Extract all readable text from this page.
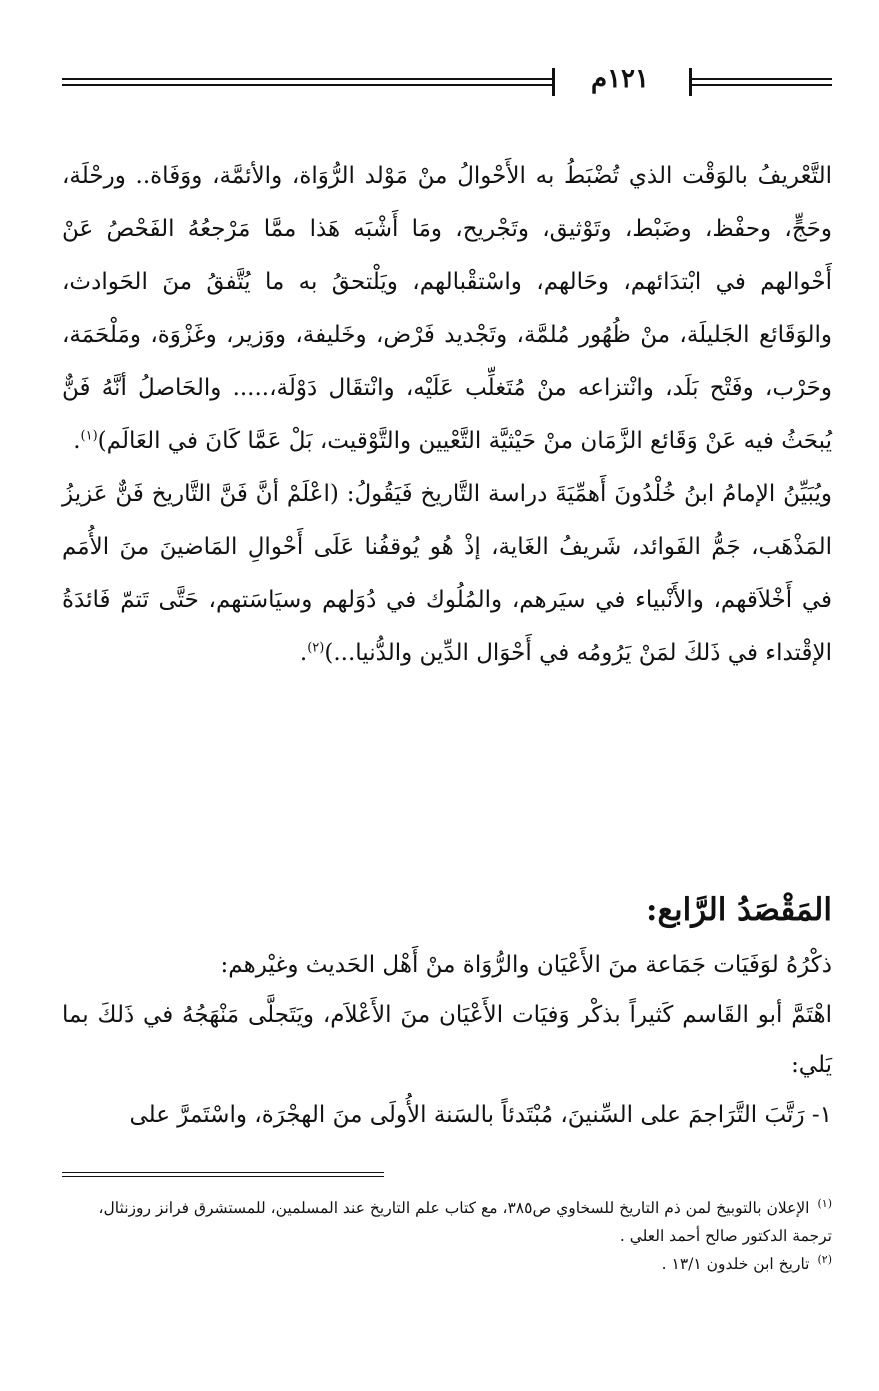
١٢١م

التَّعْريفُ بالوَقْت الذي تُضْبَطُ به الأَحْوالُ منْ مَوْلد الرُّوَاة، والأئمَّة، ووَفَاة.. ورحْلَة، وحَجٍّ، وحفْظ، وضَبْط، وتَوْثيق، وتَجْريح، ومَا أَشْبَه هَذا ممَّا مَرْجعُهُ الفَحْصُ عَنْ أَحْوالهم في ابْتدَائهم، وحَالهم، واسْتقْبالهم، ويَلْتحقُ به ما يُتَّفقُ منَ الحَوادث، والوَقَائع الجَليلَة، منْ ظُهُور مُلمَّة، وتَجْديد فَرْض، وخَليفة، ووَزير، وغَزْوَة، ومَلْحَمَة، وحَرْب، وفَتْح بَلَد، وانْتزاعه منْ مُتَغلِّب عَلَيْه، وانْتقَال دَوْلَة،..... والحَاصلُ أنَّهُ فَنٌّ يُبحَثُ فيه عَنْ وَقَائع الزَّمَان منْ حَيْثيَّة التَّعْيين والتَّوْقيت، بَلْ عَمَّا كَانَ في العَالَم)$^{(١)}$.

ويُبَيِّنُ الإمامُ ابنُ خُلْدُونَ أَهمِّيَةَ دراسة التَّاريخ فَيَقُولُ: (اعْلَمْ أنَّ فَنَّ التَّاريخ فَنٌّ عَزيزُ المَذْهَب، جَمُّ الفَوائد، شَريفُ الغَاية، إذْ هُو يُوقفُنا عَلَى أَحْوالِ المَاضينَ منَ الأُمَم في أَخْلاَقهم، والأَنْبياء في سيَرهم، والمُلُوك في دُوَلهم وسيَاسَتهم، حَتَّى تَتمّ فَائدَةُ الإقْتداء في ذَلكَ لمَنْ يَرُومُه في أَحْوَال الدِّين والدُّنيا...)$^{(٢)}$.

المَقْصَدُ الرَّابع:

ذكْرُهُ لوَفَيَات جَمَاعة منَ الأَعْيَان والرُّوَاة منْ أَهْل الحَديث وغيْرهم:

اهْتَمَّ أبو القَاسم كَثيراً بذكْر وَفيَات الأَعْيَان منَ الأَعْلاَم، ويَتَجلَّى مَنْهَجُهُ في ذَلكَ بما يَلي:

١- رَتَّبَ التَّرَاجمَ على السِّنينَ، مُبْتَدئاً بالسَنة الأُولَى منَ الهجْرَة، واسْتَمرَّ على

$^{(١)}$الإعلان بالتوبيخ لمن ذم التاريخ للسخاوي ص٣٨٥، مع كتاب علم التاريخ عند المسلمين، للمستشرق فرانز روزنثال، ترجمة الدكتور صالح أحمد العلي .

$^{(٢)}$تاريخ ابن خلدون ١٣/١ .
